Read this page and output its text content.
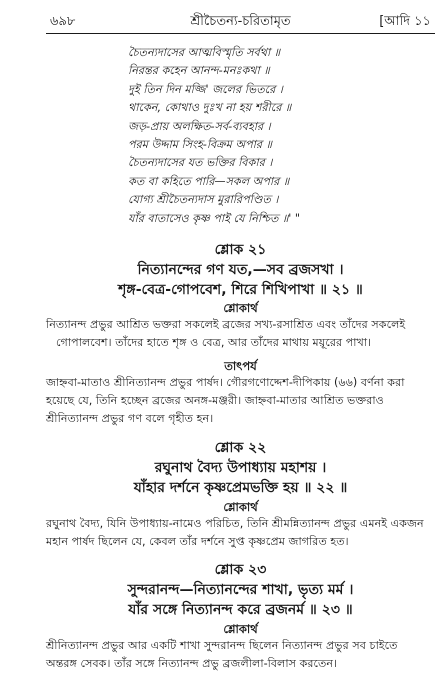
৬৯৮	শ্রীচৈতন্য-চরিতামৃত	[আদি ১১
চৈতন্যদাসের আত্মবিস্মৃতি সর্বথা ॥
নিরন্তর কহেন আনন্দ-মনঃকথা ॥
দুই তিন দিন মজ্জি' জলের ভিতরে ।
থাকেন, কোথাও দুঃখ না হয় শরীরে ॥
জড়-প্রায় অলক্ষিত-সর্ব-ব্যবহার ।
পরম উদ্দাম সিংহ-বিক্রম অপার ॥
চৈতন্যদাসের যত ভক্তির বিকার ।
কত বা কহিতে পারি—সকল অপার ॥
যোগ্য শ্রীচৈতন্যদাস মুরারিপণ্ডিত ।
যাঁর বাতাসেও কৃষ্ণ পাই যে নিশ্চিত ॥' "
শ্লোক ২১
নিত্যানন্দের গণ যত,—সব ব্রজসখা ।
শৃঙ্গ-বেত্র-গোপবেশ, শিরে শিখিপাখা ॥ ২১ ॥
শ্লোকার্থ
নিত্যানন্দ প্রভুর আশ্রিত ভক্তরা সকলেই ব্রজের সখ্য-রসাশ্রিত এবং তাঁদের সকলেই
গোপালবেশ। তাঁদের হাতে শৃঙ্গ ও বেত্র, আর তাঁদের মাথায় ময়ূরের পাখা।
তাৎপর্য
জাহ্নবা-মাতাও শ্রীনিত্যানন্দ প্রভুর পার্ষদ। গৌরগণোদ্দেশ-দীপিকায় (৬৬) বর্ণনা করা
হয়েছে যে, তিনি হচ্ছেন ব্রজের অনঙ্গ-মঞ্জরী। জাহ্নবা-মাতার আশ্রিত ভক্তরাও
শ্রীনিত্যানন্দ প্রভুর গণ বলে গৃহীত হন।
শ্লোক ২২
রঘুনাথ বৈদ্য উপাধ্যায় মহাশয় ।
যাঁহার দর্শনে কৃষ্ণপ্রেমভক্তি হয় ॥ ২২ ॥
শ্লোকার্থ
রঘুনাথ বৈদ্য, যিনি উপাধ্যায়-নামেও পরিচিত, তিনি শ্রীমন্নিত্যানন্দ প্রভুর এমনই একজন
মহান পার্ষদ ছিলেন যে, কেবল তাঁর দর্শনে সুপ্ত কৃষ্ণপ্রেম জাগরিত হত।
শ্লোক ২৩
সুন্দরানন্দ—নিত্যানন্দের শাখা, ভৃত্য মর্ম ।
যাঁর সঙ্গে নিত্যানন্দ করে ব্রজনর্ম ॥ ২৩ ॥
শ্লোকার্থ
শ্রীনিত্যানন্দ প্রভুর আর একটি শাখা সুন্দরানন্দ ছিলেন নিত্যানন্দ প্রভুর সব চাইতে
অন্তরঙ্গ সেবক। তাঁর সঙ্গে নিত্যানন্দ প্রভু ব্রজলীলা-বিলাস করতেন।
